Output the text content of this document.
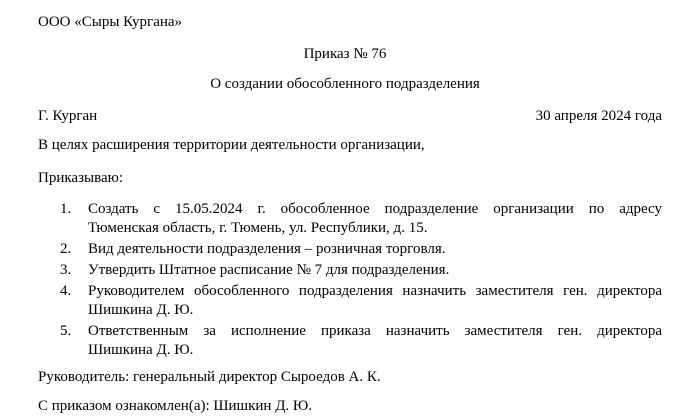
ООО «Сыры Кургана»
Приказ № 76
О создании обособленного подразделения
Г. Курган	30 апреля 2024 года
В целях расширения территории деятельности организации,
Приказываю:
1. Создать с 15.05.2024 г. обособленное подразделение организации по адресу
Тюменская область, г. Тюмень, ул. Республики, д. 15.
2. Вид деятельности подразделения – розничная торговля.
3. Утвердить Штатное расписание № 7 для подразделения.
4. Руководителем обособленного подразделения назначить заместителя ген. директора
Шишкина Д. Ю.
5. Ответственным за исполнение приказа назначить заместителя ген. директора
Шишкина Д. Ю.
Руководитель: генеральный директор Сыроедов А. К.
С приказом ознакомлен(а): Шишкин Д. Ю.
